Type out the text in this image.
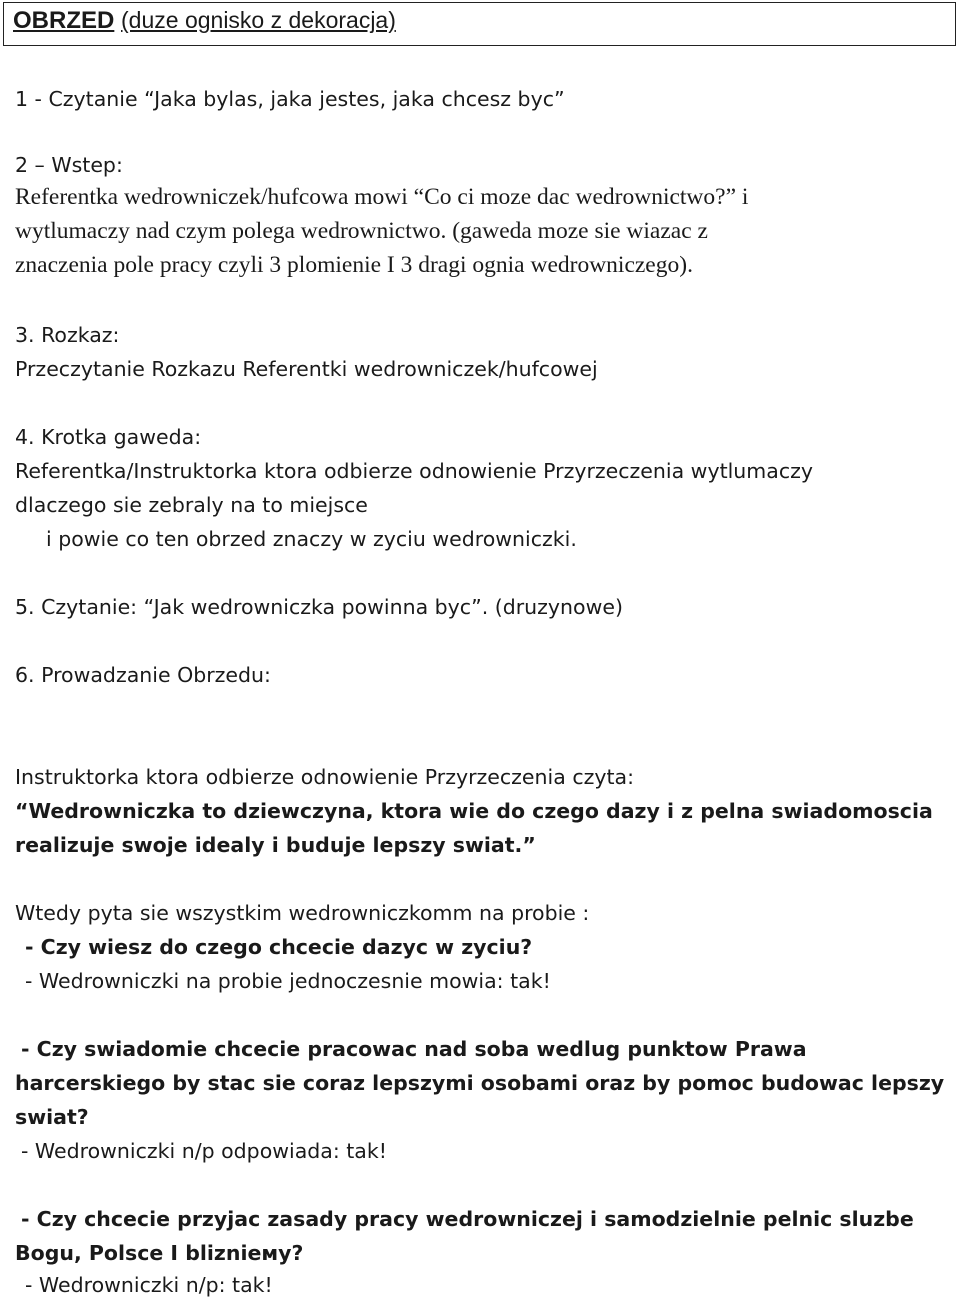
OBRZED (duze ognisko z dekoracja)
1 - Czytanie “Jaka bylas, jaka jestes, jaka chcesz byc”
2 – Wstep:
Referentka wedrowniczek/hufcowa mowi “Co ci moze dac wedrownictwo?” i
wytlumaczy nad czym polega wedrownictwo. (gaweda moze sie wiazac z
znaczenia pole pracy czyli 3 plomienie I 3 dragi ognia wedrowniczego).
3. Rozkaz:
Przeczytanie Rozkazu Referentki wedrowniczek/hufcowej
4. Krotka gaweda:
Referentka/Instruktorka ktora odbierze odnowienie Przyrzeczenia wytlumaczy
dlaczego sie zebraly na to miejsce
i powie co ten obrzed znaczy w zyciu wedrowniczki.
5. Czytanie: “Jak wedrowniczka powinna byc”. (druzynowe)
6. Prowadzanie Obrzedu:
Instruktorka ktora odbierze odnowienie Przyrzeczenia czyta:
“Wedrowniczka to dziewczyna, ktora wie do czego dazy i z pelna swiadomoscia
realizuje swoje idealy i buduje lepszy swiat.”
Wtedy pyta sie wszystkim wedrowniczkomm na probie :
- Czy wiesz do czego chcecie dazyc w zyciu?
- Wedrowniczki na probie jednoczesnie mowia: tak!
- Czy swiadomie chcecie pracowac nad soba wedlug punktow Prawa
harcerskiego by stac sie coraz lepszymi osobami oraz by pomoc budowac lepszy
swiat?
- Wedrowniczki n/p odpowiada: tak!
- Czy chcecie przyjac zasady pracy wedrowniczej i samodzielnie pelnic sluzbe
Bogu, Polsce I bliznieму?
- Wedrowniczki n/p: tak!
